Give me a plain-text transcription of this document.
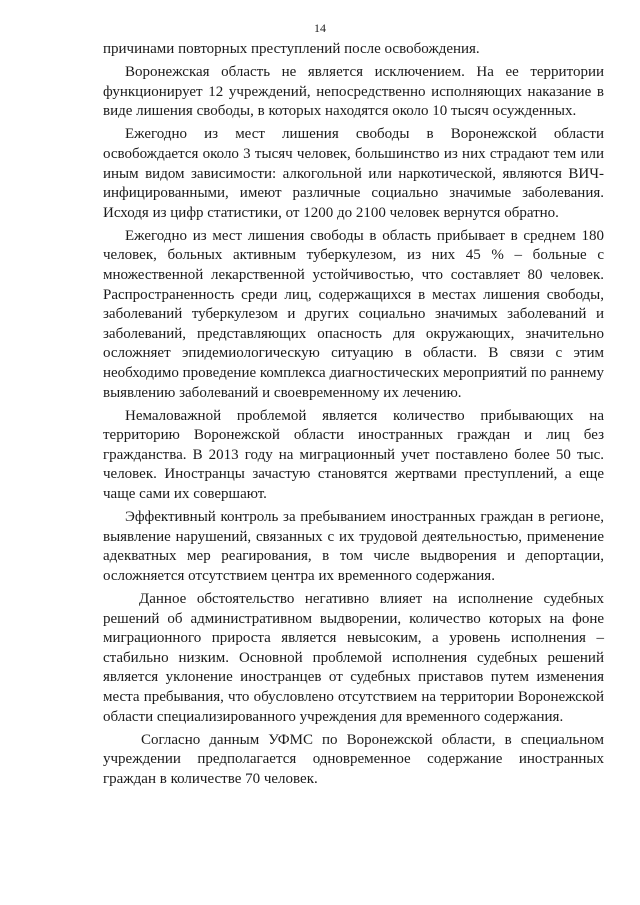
14

причинами повторных преступлений после освобождения.

Воронежская область не является исключением. На ее территории функционирует 12 учреждений, непосредственно исполняющих наказание в виде лишения свободы, в которых находятся около 10 тысяч осужденных.

Ежегодно из мест лишения свободы в Воронежской области освобождается около 3 тысяч человек, большинство из них страдают тем или иным видом зависимости: алкогольной или наркотической, являются ВИЧ-инфицированными, имеют различные социально значимые заболевания. Исходя из цифр статистики, от 1200 до 2100 человек вернутся обратно.

Ежегодно из мест лишения свободы в область прибывает в среднем 180 человек, больных активным туберкулезом, из них 45 % – больные с множественной лекарственной устойчивостью, что составляет 80 человек. Распространенность среди лиц, содержащихся в местах лишения свободы, заболеваний туберкулезом и других социально значимых заболеваний и заболеваний, представляющих опасность для окружающих, значительно осложняет эпидемиологическую ситуацию в области. В связи с этим необходимо проведение комплекса диагностических мероприятий по раннему выявлению заболеваний и своевременному их лечению.

Немаловажной проблемой является количество прибывающих на территорию Воронежской области иностранных граждан и лиц без гражданства. В 2013 году на миграционный учет поставлено более 50 тыс. человек. Иностранцы зачастую становятся жертвами преступлений, а еще чаще сами их совершают.

Эффективный контроль за пребыванием иностранных граждан в регионе, выявление нарушений, связанных с их трудовой деятельностью, применение адекватных мер реагирования, в том числе выдворения и депортации, осложняется отсутствием центра их временного содержания.

Данное обстоятельство негативно влияет на исполнение судебных решений об административном выдворении, количество которых на фоне миграционного прироста является невысоким, а уровень исполнения – стабильно низким. Основной проблемой исполнения судебных решений является уклонение иностранцев от судебных приставов путем изменения места пребывания, что обусловлено отсутствием на территории Воронежской области специализированного учреждения для временного содержания.

Согласно данным УФМС по Воронежской области, в специальном учреждении предполагается одновременное содержание иностранных граждан в количестве 70 человек.
